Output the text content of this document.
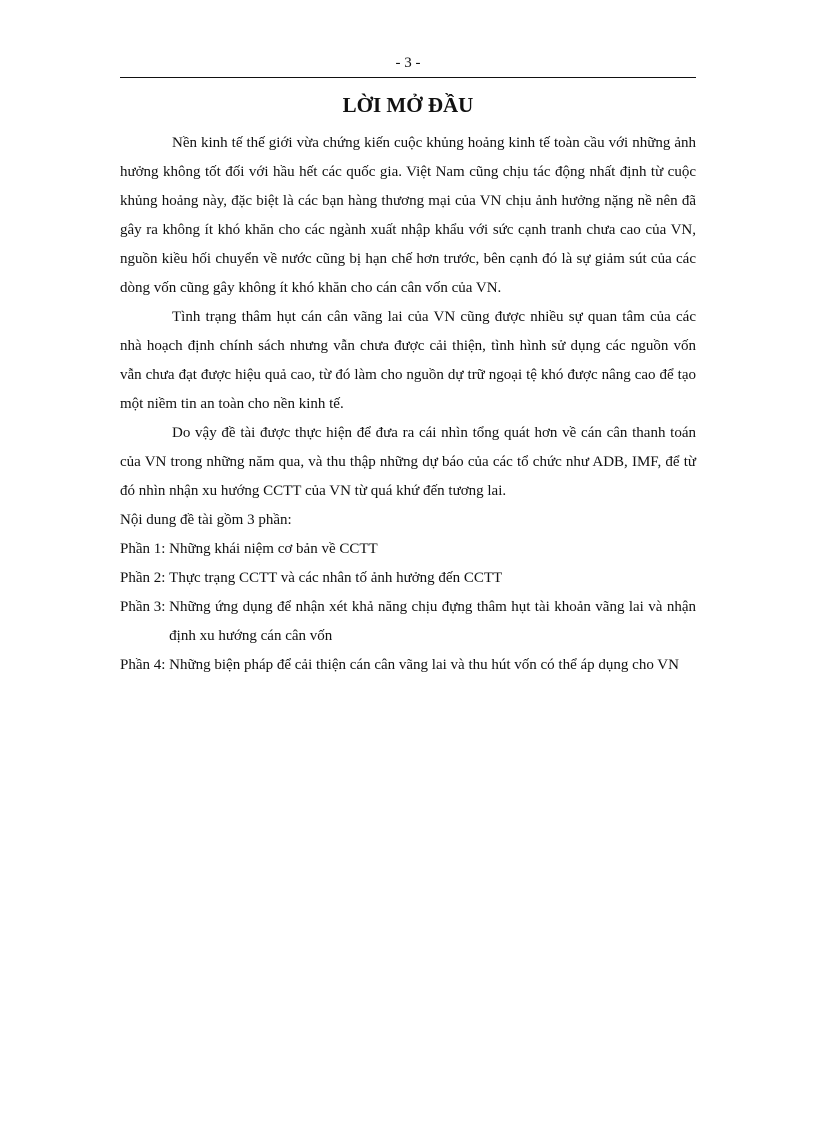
- 3 -
LỜI MỞ ĐẦU

Nền kinh tế thế giới vừa chứng kiến cuộc khủng hoảng kinh tế toàn cầu với những ảnh hưởng không tốt đối với hầu hết các quốc gia. Việt Nam cũng chịu tác động nhất định từ cuộc khủng hoảng này, đặc biệt là các bạn hàng thương mại của VN chịu ảnh hưởng nặng nề nên đã gây ra không ít khó khăn cho các ngành xuất nhập khẩu với sức cạnh tranh chưa cao của VN, nguồn kiều hối chuyển về nước cũng bị hạn chế hơn trước, bên cạnh đó là sự giảm sút của các dòng vốn cũng gây không ít khó khăn cho cán cân vốn của VN.

Tình trạng thâm hụt cán cân vãng lai của VN cũng được nhiều sự quan tâm của các nhà hoạch định chính sách nhưng vẫn chưa được cải thiện, tình hình sử dụng các nguồn vốn vẫn chưa đạt được hiệu quả cao, từ đó làm cho nguồn dự trữ ngoại tệ khó được nâng cao để tạo một niềm tin an toàn cho nền kinh tế.

Do vậy đề tài được thực hiện để đưa ra cái nhìn tổng quát hơn về cán cân thanh toán của VN trong những năm qua, và thu thập những dự báo của các tổ chức như ADB, IMF, để từ đó nhìn nhận xu hướng CCTT của VN từ quá khứ đến tương lai.

Nội dung đề tài gồm 3 phần:

Phần 1:
Những khái niệm cơ bản về CCTT
Phần 2:
Thực trạng CCTT và các nhân tố ảnh hưởng đến CCTT
Phần 3:
Những ứng dụng để nhận xét khả năng chịu đựng thâm hụt tài khoản vãng lai và nhận định xu hướng cán cân vốn
Phần 4:
Những biện pháp để cải thiện cán cân vãng lai và thu hút vốn có thể áp dụng cho VN
